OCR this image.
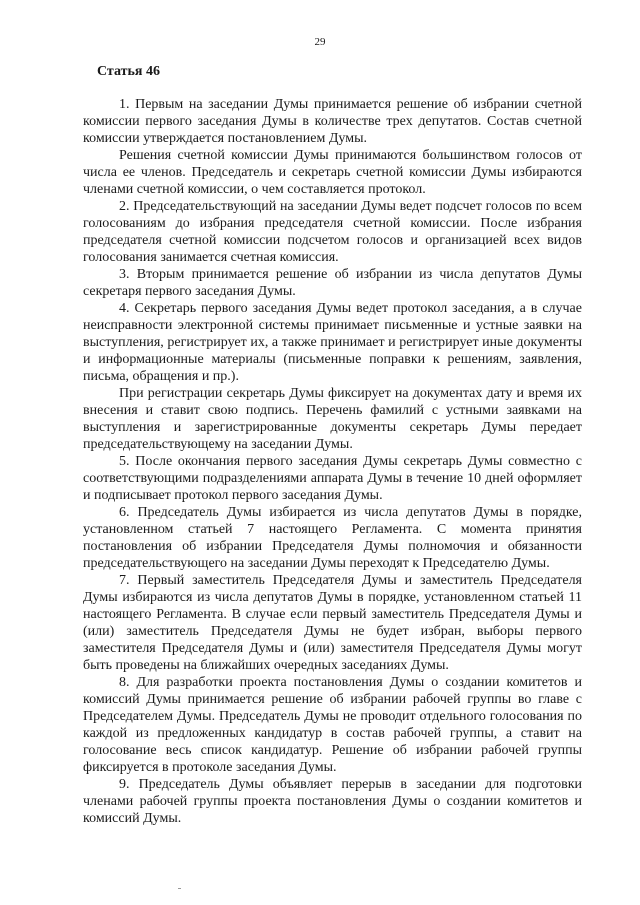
29
Статья 46

1. Первым на заседании Думы принимается решение об избрании счетной комиссии первого заседания Думы в количестве трех депутатов. Состав счетной комиссии утверждается постановлением Думы.

Решения счетной комиссии Думы принимаются большинством голосов от числа ее членов. Председатель и секретарь счетной комиссии Думы избираются членами счетной комиссии, о чем составляется протокол.

2. Председательствующий на заседании Думы ведет подсчет голосов по всем голосованиям до избрания председателя счетной комиссии. После избрания председателя счетной комиссии подсчетом голосов и организацией всех видов голосования занимается счетная комиссия.

3. Вторым принимается решение об избрании из числа депутатов Думы секретаря первого заседания Думы.

4. Секретарь первого заседания Думы ведет протокол заседания, а в случае неисправности электронной системы принимает письменные и устные заявки на выступления, регистрирует их, а также принимает и регистрирует иные документы и информационные материалы (письменные поправки к решениям, заявления, письма, обращения и пр.).

При регистрации секретарь Думы фиксирует на документах дату и время их внесения и ставит свою подпись. Перечень фамилий с устными заявками на выступления и зарегистрированные документы секретарь Думы передает председательствующему на заседании Думы.

5. После окончания первого заседания Думы секретарь Думы совместно с соответствующими подразделениями аппарата Думы в течение 10 дней оформляет и подписывает протокол первого заседания Думы.

6. Председатель Думы избирается из числа депутатов Думы в порядке, установленном статьей 7 настоящего Регламента. С момента принятия постановления об избрании Председателя Думы полномочия и обязанности председательствующего на заседании Думы переходят к Председателю Думы.

7. Первый заместитель Председателя Думы и заместитель Председателя Думы избираются из числа депутатов Думы в порядке, установленном статьей 11 настоящего Регламента. В случае если первый заместитель Председателя Думы и (или) заместитель Председателя Думы не будет избран, выборы первого заместителя Председателя Думы и (или) заместителя Председателя Думы могут быть проведены на ближайших очередных заседаниях Думы.

8. Для разработки проекта постановления Думы о создании комитетов и комиссий Думы принимается решение об избрании рабочей группы во главе с Председателем Думы. Председатель Думы не проводит отдельного голосования по каждой из предложенных кандидатур в состав рабочей группы, а ставит на голосование весь список кандидатур. Решение об избрании рабочей группы фиксируется в протоколе заседания Думы.

9. Председатель Думы объявляет перерыв в заседании для подготовки членами рабочей группы проекта постановления Думы о создании комитетов и комиссий Думы.
